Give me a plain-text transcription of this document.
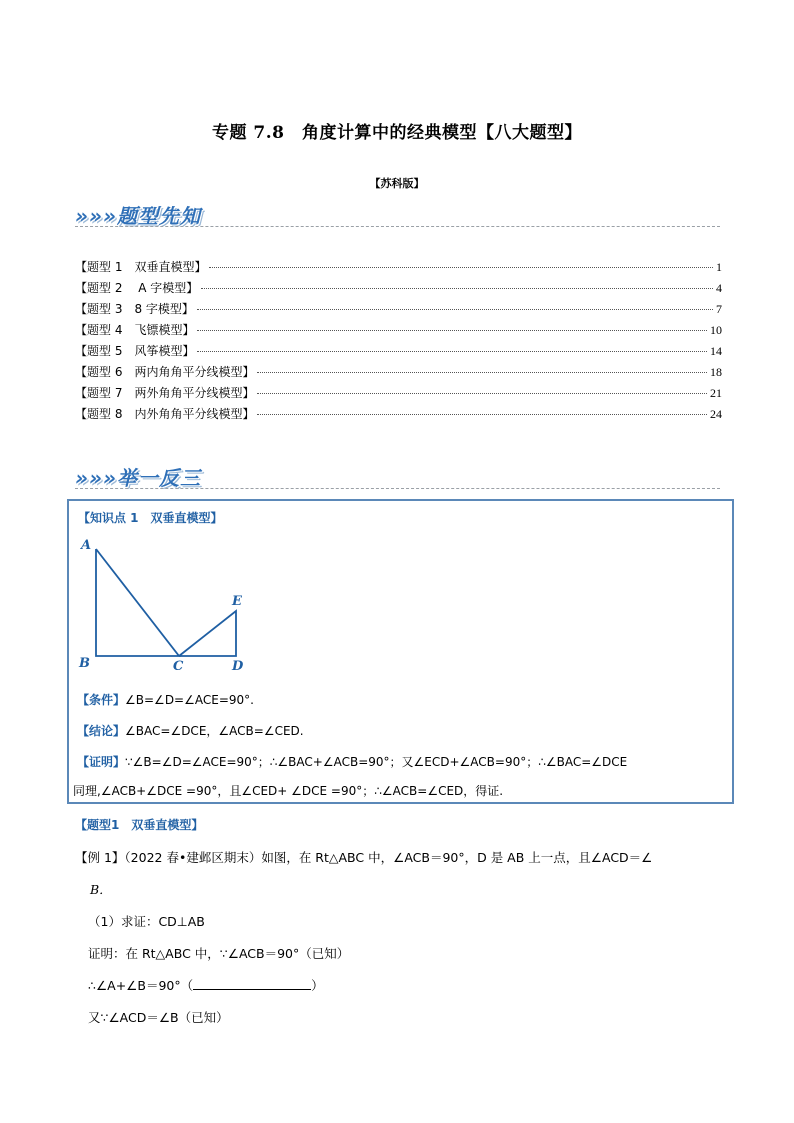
专题 7.8　角度计算中的经典模型【八大题型】
【苏科版】
»»»题型先知
【题型 1　双垂直模型】	1
【题型 2　 A 字模型】	4
【题型 3　8 字模型】	7
【题型 4　飞镖模型】	10
【题型 5　风筝模型】	14
【题型 6　两内角角平分线模型】	18
【题型 7　两外角角平分线模型】	21
【题型 8　内外角角平分线模型】	24
»»»举一反三
【知识点 1　双垂直模型】
A
B	C	D
E
【条件】∠B=∠D=∠ACE=90°.
【结论】∠BAC=∠DCE，∠ACB=∠CED.
【证明】∵∠B=∠D=∠ACE=90°；∴∠BAC+∠ACB=90°；又∠ECD+∠ACB=90°；∴∠BAC=∠DCE
同理,∠ACB+∠DCE =90°，且∠CED+ ∠DCE =90°；∴∠ACB=∠CED，得证.
【题型1　双垂直模型】
【例 1】（2022 春•建邺区期末）如图，在 Rt△ABC 中，∠ACB＝90°，D 是 AB 上一点，且∠ACD＝∠
B．
（1）求证：CD⊥AB
证明：在 Rt△ABC 中，∵∠ACB＝90°（已知）
∴∠A+∠B＝90°（	）
又∵∠ACD＝∠B（已知）
